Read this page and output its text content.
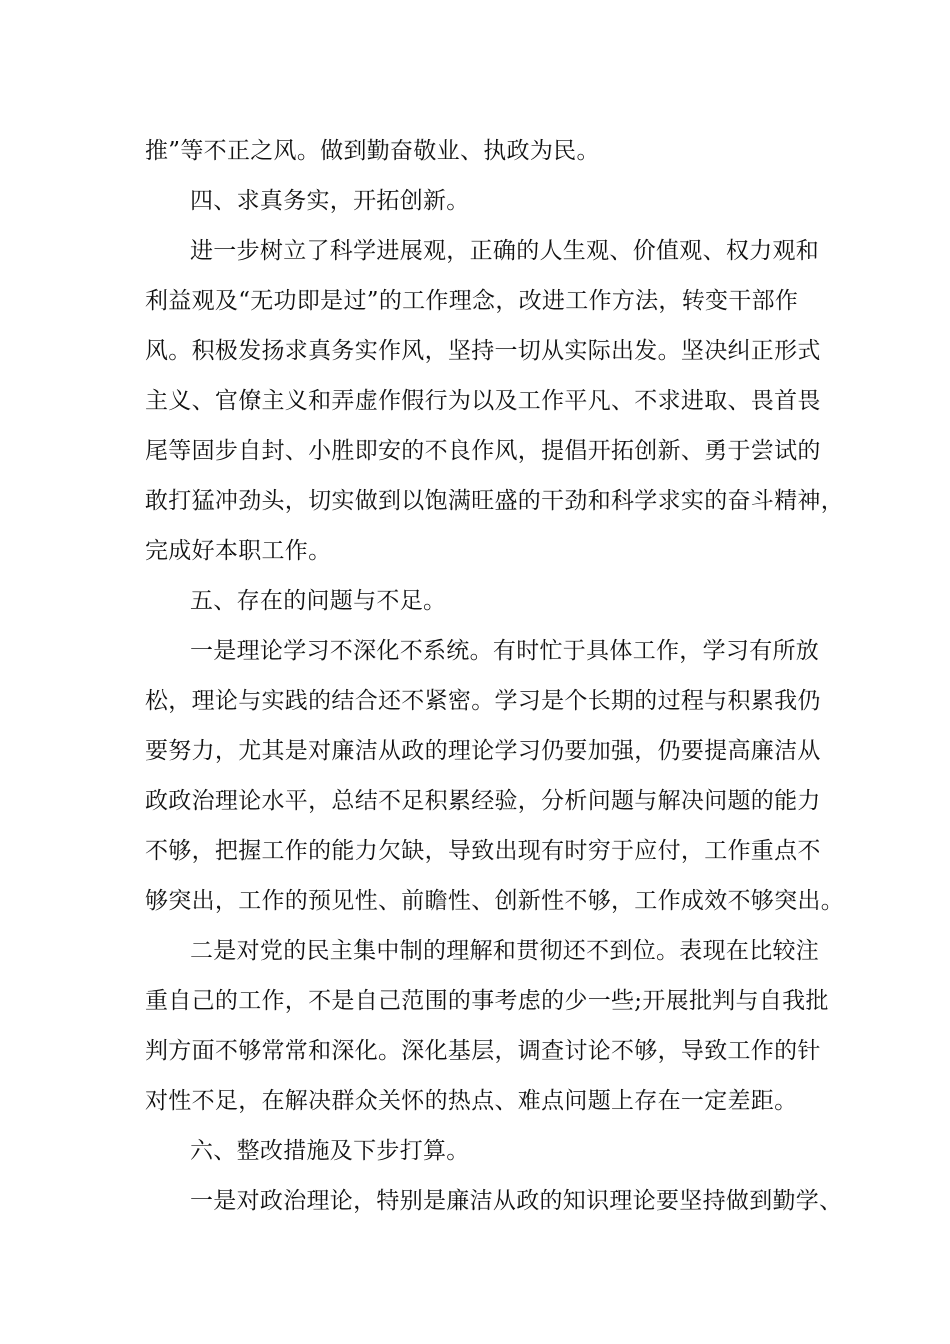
推”等不正之风。做到勤奋敬业、执政为民。
四、求真务实，开拓创新。
进一步树立了科学进展观，正确的人生观、价值观、权力观和
利益观及“无功即是过”的工作理念，改进工作方法，转变干部作
风。积极发扬求真务实作风，坚持一切从实际出发。坚决纠正形式
主义、官僚主义和弄虚作假行为以及工作平凡、不求进取、畏首畏
尾等固步自封、小胜即安的不良作风，提倡开拓创新、勇于尝试的
敢打猛冲劲头，切实做到以饱满旺盛的干劲和科学求实的奋斗精神，
完成好本职工作。
五、存在的问题与不足。
一是理论学习不深化不系统。有时忙于具体工作，学习有所放
松，理论与实践的结合还不紧密。学习是个长期的过程与积累我仍
要努力，尤其是对廉洁从政的理论学习仍要加强，仍要提高廉洁从
政政治理论水平，总结不足积累经验，分析问题与解决问题的能力
不够，把握工作的能力欠缺，导致出现有时穷于应付，工作重点不
够突出，工作的预见性、前瞻性、创新性不够，工作成效不够突出。
二是对党的民主集中制的理解和贯彻还不到位。表现在比较注
重自己的工作，不是自己范围的事考虑的少一些;开展批判与自我批
判方面不够常常和深化。深化基层，调查讨论不够，导致工作的针
对性不足，在解决群众关怀的热点、难点问题上存在一定差距。
六、整改措施及下步打算。
一是对政治理论，特别是廉洁从政的知识理论要坚持做到勤学、
